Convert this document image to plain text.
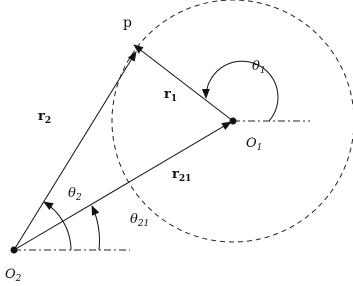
p
$r_1$
$r_2$
$r_{21}$
$\theta_1$
$\theta_2$
$\theta_{21}$
$O_1$
$O_2$
